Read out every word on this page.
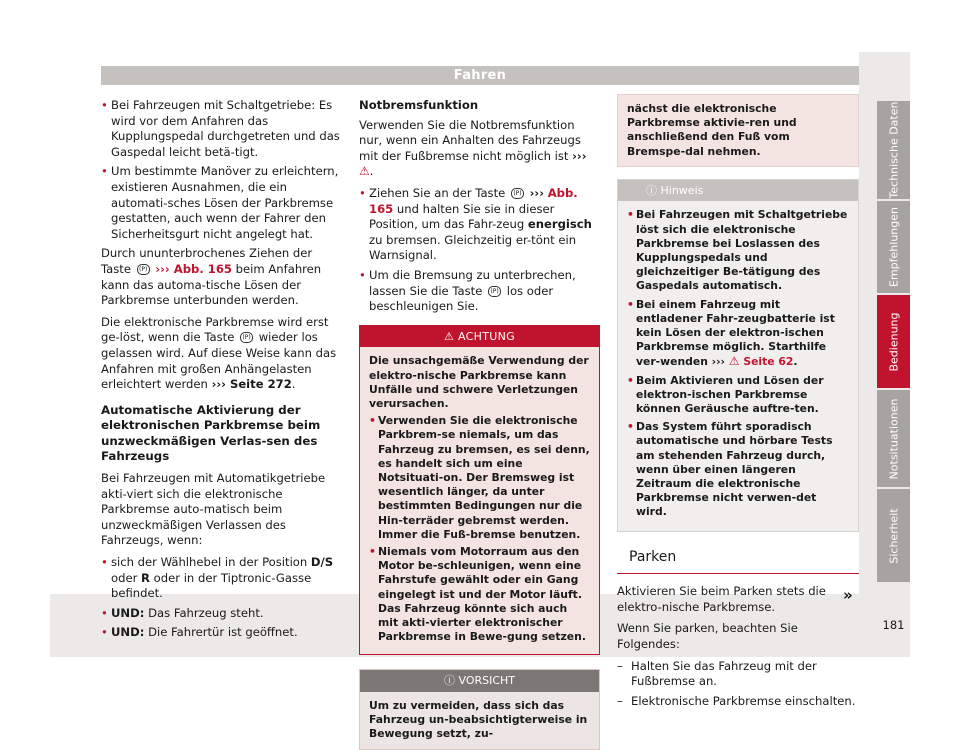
Fahren
• Bei Fahrzeugen mit Schaltgetriebe: Es wird vor dem Anfahren das Kupplungspedal durchgetreten und das Gaspedal leicht betä-tigt.
• Um bestimmte Manöver zu erleichtern, existieren Ausnahmen, die ein automati-sches Lösen der Parkbremse gestatten, auch wenn der Fahrer den Sicherheitsgurt nicht angelegt hat.

Durch ununterbrochenes Ziehen der Taste (P) ››› Abb. 165 beim Anfahren kann das automa-tische Lösen der Parkbremse unterbunden werden.

Die elektronische Parkbremse wird erst ge-löst, wenn die Taste (P) wieder los gelassen wird. Auf diese Weise kann das Anfahren mit großen Anhängelasten erleichtert werden ››› Seite 272.

Automatische Aktivierung der elektronischen Parkbremse beim unzweckmäßigen Verlas-sen des Fahrzeugs

Bei Fahrzeugen mit Automatikgetriebe akti-viert sich die elektronische Parkbremse auto-matisch beim unzweckmäßigen Verlassen des Fahrzeugs, wenn:

• sich der Wählhebel in der Position D/S oder R oder in der Tiptronic-Gasse befindet.
• UND: Das Fahrzeug steht.
• UND: Die Fahrertür ist geöffnet.
Notbremsfunktion

Verwenden Sie die Notbremsfunktion nur, wenn ein Anhalten des Fahrzeugs mit der Fußbremse nicht möglich ist ››› ⚠.

• Ziehen Sie an der Taste (P) ››› Abb. 165 und halten Sie sie in dieser Position, um das Fahr-zeug energisch zu bremsen. Gleichzeitig er-tönt ein Warnsignal.
• Um die Bremsung zu unterbrechen, lassen Sie die Taste (P) los oder beschleunigen Sie.
⚠ ACHTUNG
Die unsachgemäße Verwendung der elektro-nische Parkbremse kann Unfälle und schwere Verletzungen verursachen.
• Verwenden Sie die elektronische Parkbrem-se niemals, um das Fahrzeug zu bremsen, es sei denn, es handelt sich um eine Notsituati-on. Der Bremsweg ist wesentlich länger, da unter bestimmten Bedingungen nur die Hin-terräder gebremst werden. Immer die Fuß-bremse benutzen.
• Niemals vom Motorraum aus den Motor be-schleunigen, wenn eine Fahrstufe gewählt oder ein Gang eingelegt ist und der Motor läuft. Das Fahrzeug könnte sich auch mit akti-vierter elektronischer Parkbremse in Bewe-gung setzen.
ⓘ VORSICHT
Um zu vermeiden, dass sich das Fahrzeug un-beabsichtigterweise in Bewegung setzt, zu-
nächst die elektronische Parkbremse aktivie-ren und anschließend den Fuß vom Bremspe-dal nehmen.
ⓘ Hinweis
• Bei Fahrzeugen mit Schaltgetriebe löst sich die elektronische Parkbremse bei Loslassen des Kupplungspedals und gleichzeitiger Be-tätigung des Gaspedals automatisch.
• Bei einem Fahrzeug mit entladener Fahr-zeugbatterie ist kein Lösen der elektron-ischen Parkbremse möglich. Starthilfe ver-wenden ››› ⚠ Seite 62.
• Beim Aktivieren und Lösen der elektron-ischen Parkbremse können Geräusche auftre-ten.
• Das System führt sporadisch automatische und hörbare Tests am stehenden Fahrzeug durch, wenn über einen längeren Zeitraum die elektronische Parkbremse nicht verwen-det wird.
Parken

Aktivieren Sie beim Parken stets die elektro-nische Parkbremse.

Wenn Sie parken, beachten Sie Folgendes:

– Halten Sie das Fahrzeug mit der Fußbremse an.
– Elektronische Parkbremse einschalten.
»
Technische Daten
Empfehlungen
Bedienung
Notsituationen
Sicherheit
181
